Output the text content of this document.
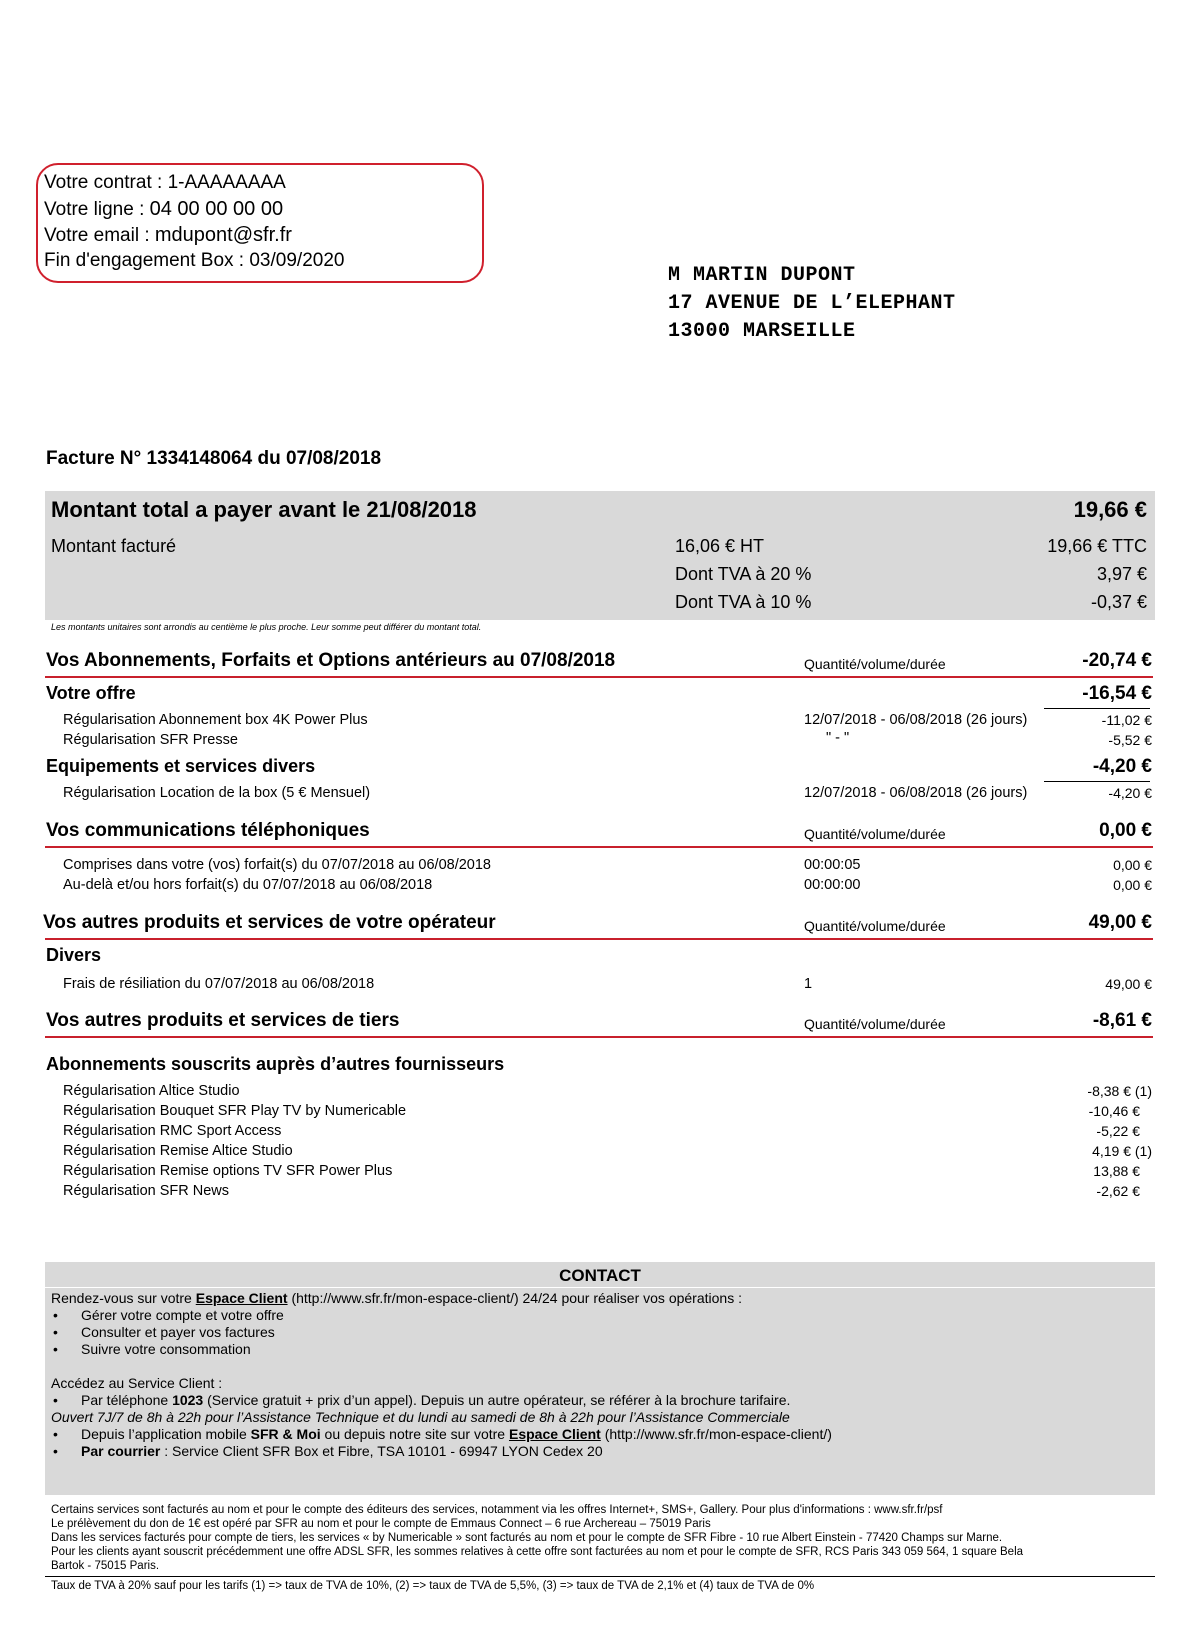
Votre contrat : 1-AAAAAAAA
Votre ligne : 04 00 00 00 00
Votre email : mdupont@sfr.fr
Fin d'engagement Box : 03/09/2020
M MARTIN DUPONT
17 AVENUE DE L’ELEPHANT
13000 MARSEILLE
Facture N° 1334148064 du 07/08/2018
Montant total a payer avant le 21/08/2018	19,66 €
Montant facturé	16,06 € HT	19,66 € TTC
Dont TVA à 20 %	3,97 €
Dont TVA à 10 %	-0,37 €
Les montants unitaires sont arrondis au centième le plus proche. Leur somme peut différer du montant total.
Vos Abonnements, Forfaits et Options antérieurs au 07/08/2018	Quantité/volume/durée	-20,74 €
Votre offre	-16,54 €
Régularisation Abonnement box 4K Power Plus	12/07/2018 - 06/08/2018 (26 jours)	-11,02 €
Régularisation SFR Presse	" - "	-5,52 €
Equipements et services divers	-4,20 €
Régularisation Location de la box (5 € Mensuel)	12/07/2018 - 06/08/2018 (26 jours)	-4,20 €
Vos communications téléphoniques	Quantité/volume/durée	0,00 €
Comprises dans votre (vos) forfait(s) du 07/07/2018 au 06/08/2018	00:00:05	0,00 €
Au-delà et/ou hors forfait(s) du 07/07/2018 au 06/08/2018	00:00:00	0,00 €
Vos autres produits et services de votre opérateur	Quantité/volume/durée	49,00 €
Divers
Frais de résiliation du 07/07/2018 au 06/08/2018	1	49,00 €
Vos autres produits et services de tiers	Quantité/volume/durée	-8,61 €
Abonnements souscrits auprès d’autres fournisseurs
Régularisation Altice Studio	-8,38 € (1)
Régularisation Bouquet SFR Play TV by Numericable	-10,46 €
Régularisation RMC Sport Access	-5,22 €
Régularisation Remise Altice Studio	4,19 € (1)
Régularisation Remise options TV SFR Power Plus	13,88 €
Régularisation SFR News	-2,62 €
CONTACT
Rendez-vous sur votre Espace Client (http://www.sfr.fr/mon-espace-client/) 24/24 pour réaliser vos opérations :
• Gérer votre compte et votre offre
• Consulter et payer vos factures
• Suivre votre consommation
Accédez au Service Client :
• Par téléphone 1023 (Service gratuit + prix d’un appel). Depuis un autre opérateur, se référer à la brochure tarifaire.
Ouvert 7J/7 de 8h à 22h pour l’Assistance Technique et du lundi au samedi de 8h à 22h pour l’Assistance Commerciale
• Depuis l’application mobile SFR & Moi ou depuis notre site sur votre Espace Client (http://www.sfr.fr/mon-espace-client/)
• Par courrier : Service Client SFR Box et Fibre, TSA 10101 - 69947 LYON Cedex 20
Certains services sont facturés au nom et pour le compte des éditeurs des services, notamment via les offres Internet+, SMS+, Gallery. Pour plus d'informations : www.sfr.fr/psf
Le prélèvement du don de 1€ est opéré par SFR au nom et pour le compte de Emmaus Connect – 6 rue Archereau – 75019 Paris
Dans les services facturés pour compte de tiers, les services « by Numericable » sont facturés au nom et pour le compte de SFR Fibre - 10 rue Albert Einstein - 77420 Champs sur Marne.
Pour les clients ayant souscrit précédemment une offre ADSL SFR, les sommes relatives à cette offre sont facturées au nom et pour le compte de SFR, RCS Paris 343 059 564, 1 square Bela
Bartok - 75015 Paris.
Taux de TVA à 20% sauf pour les tarifs (1) => taux de TVA de 10%, (2) => taux de TVA de 5,5%, (3) => taux de TVA de 2,1% et (4) taux de TVA de 0%
